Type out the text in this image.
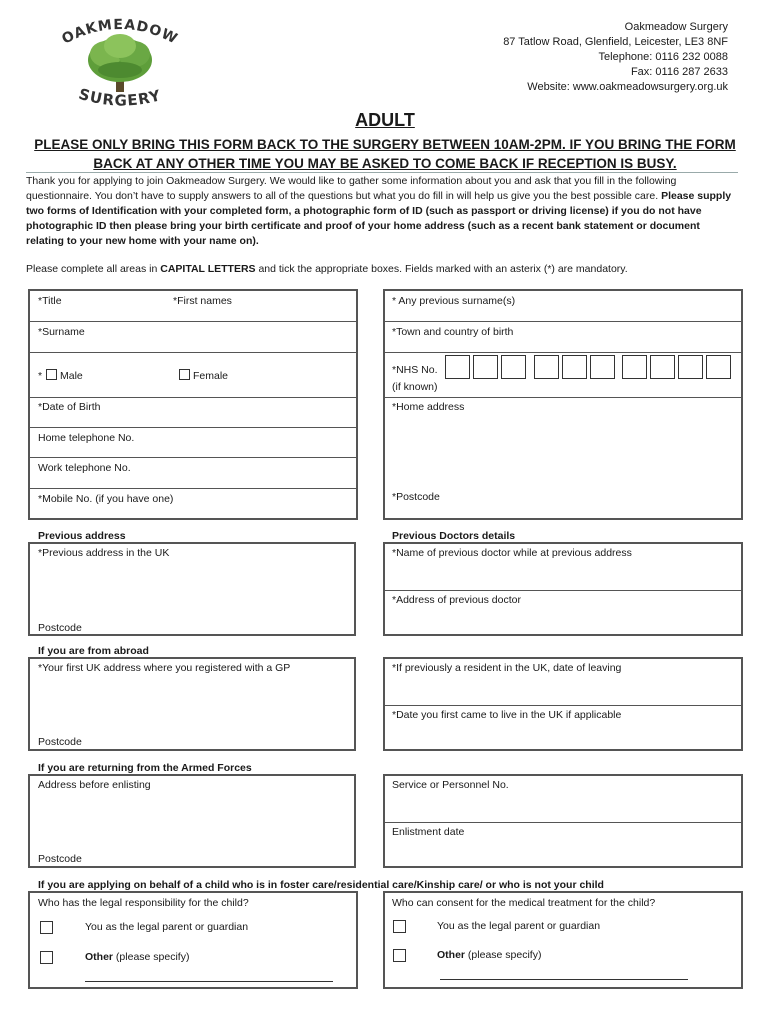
OAKMEADOW
SURGERY
Oakmeadow Surgery
87 Tatlow Road, Glenfield, Leicester, LE3 8NF
Telephone: 0116 232 0088
Fax: 0116 287 2633
Website: www.oakmeadowsurgery.org.uk
ADULT
PLEASE ONLY BRING THIS FORM BACK TO THE SURGERY BETWEEN 10AM-2PM. IF YOU BRING THE FORM BACK AT ANY OTHER TIME YOU MAY BE ASKED TO COME BACK IF RECEPTION IS BUSY.
Thank you for applying to join Oakmeadow Surgery. We would like to gather some information about you and ask that you fill in the following questionnaire. You don’t have to supply answers to all of the questions but what you do fill in will help us give you the best possible care. Please supply two forms of Identification with your completed form, a photographic form of ID (such as passport or driving license) if you do not have photographic ID then please bring your birth certificate and proof of your home address (such as a recent bank statement or document relating to your new home with your name on).
Please complete all areas in CAPITAL LETTERS and tick the appropriate boxes. Fields marked with an asterix (*) are mandatory.
*Title	*First names
*Surname
* Male	Female
*Date of Birth
Home telephone No.
Work telephone No.
*Mobile No. (if you have one)
* Any previous surname(s)
*Town and country of birth
*NHS No.
(if known)
*Home address
*Postcode
Previous address
*Previous address in the UK
Postcode
Previous Doctors details
*Name of previous doctor while at previous address
*Address of previous doctor
If you are from abroad
*Your first UK address where you registered with a GP
Postcode
*If previously a resident in the UK, date of leaving
*Date you first came to live in the UK if applicable
If you are returning from the Armed Forces
Address before enlisting
Postcode
Service or Personnel No.
Enlistment date
If you are applying on behalf of a child who is in foster care/residential care/Kinship care/ or who is not your child
Who has the legal responsibility for the child?
You as the legal parent or guardian
Other (please specify)
Who can consent for the medical treatment for the child?
You as the legal parent or guardian
Other (please specify)
